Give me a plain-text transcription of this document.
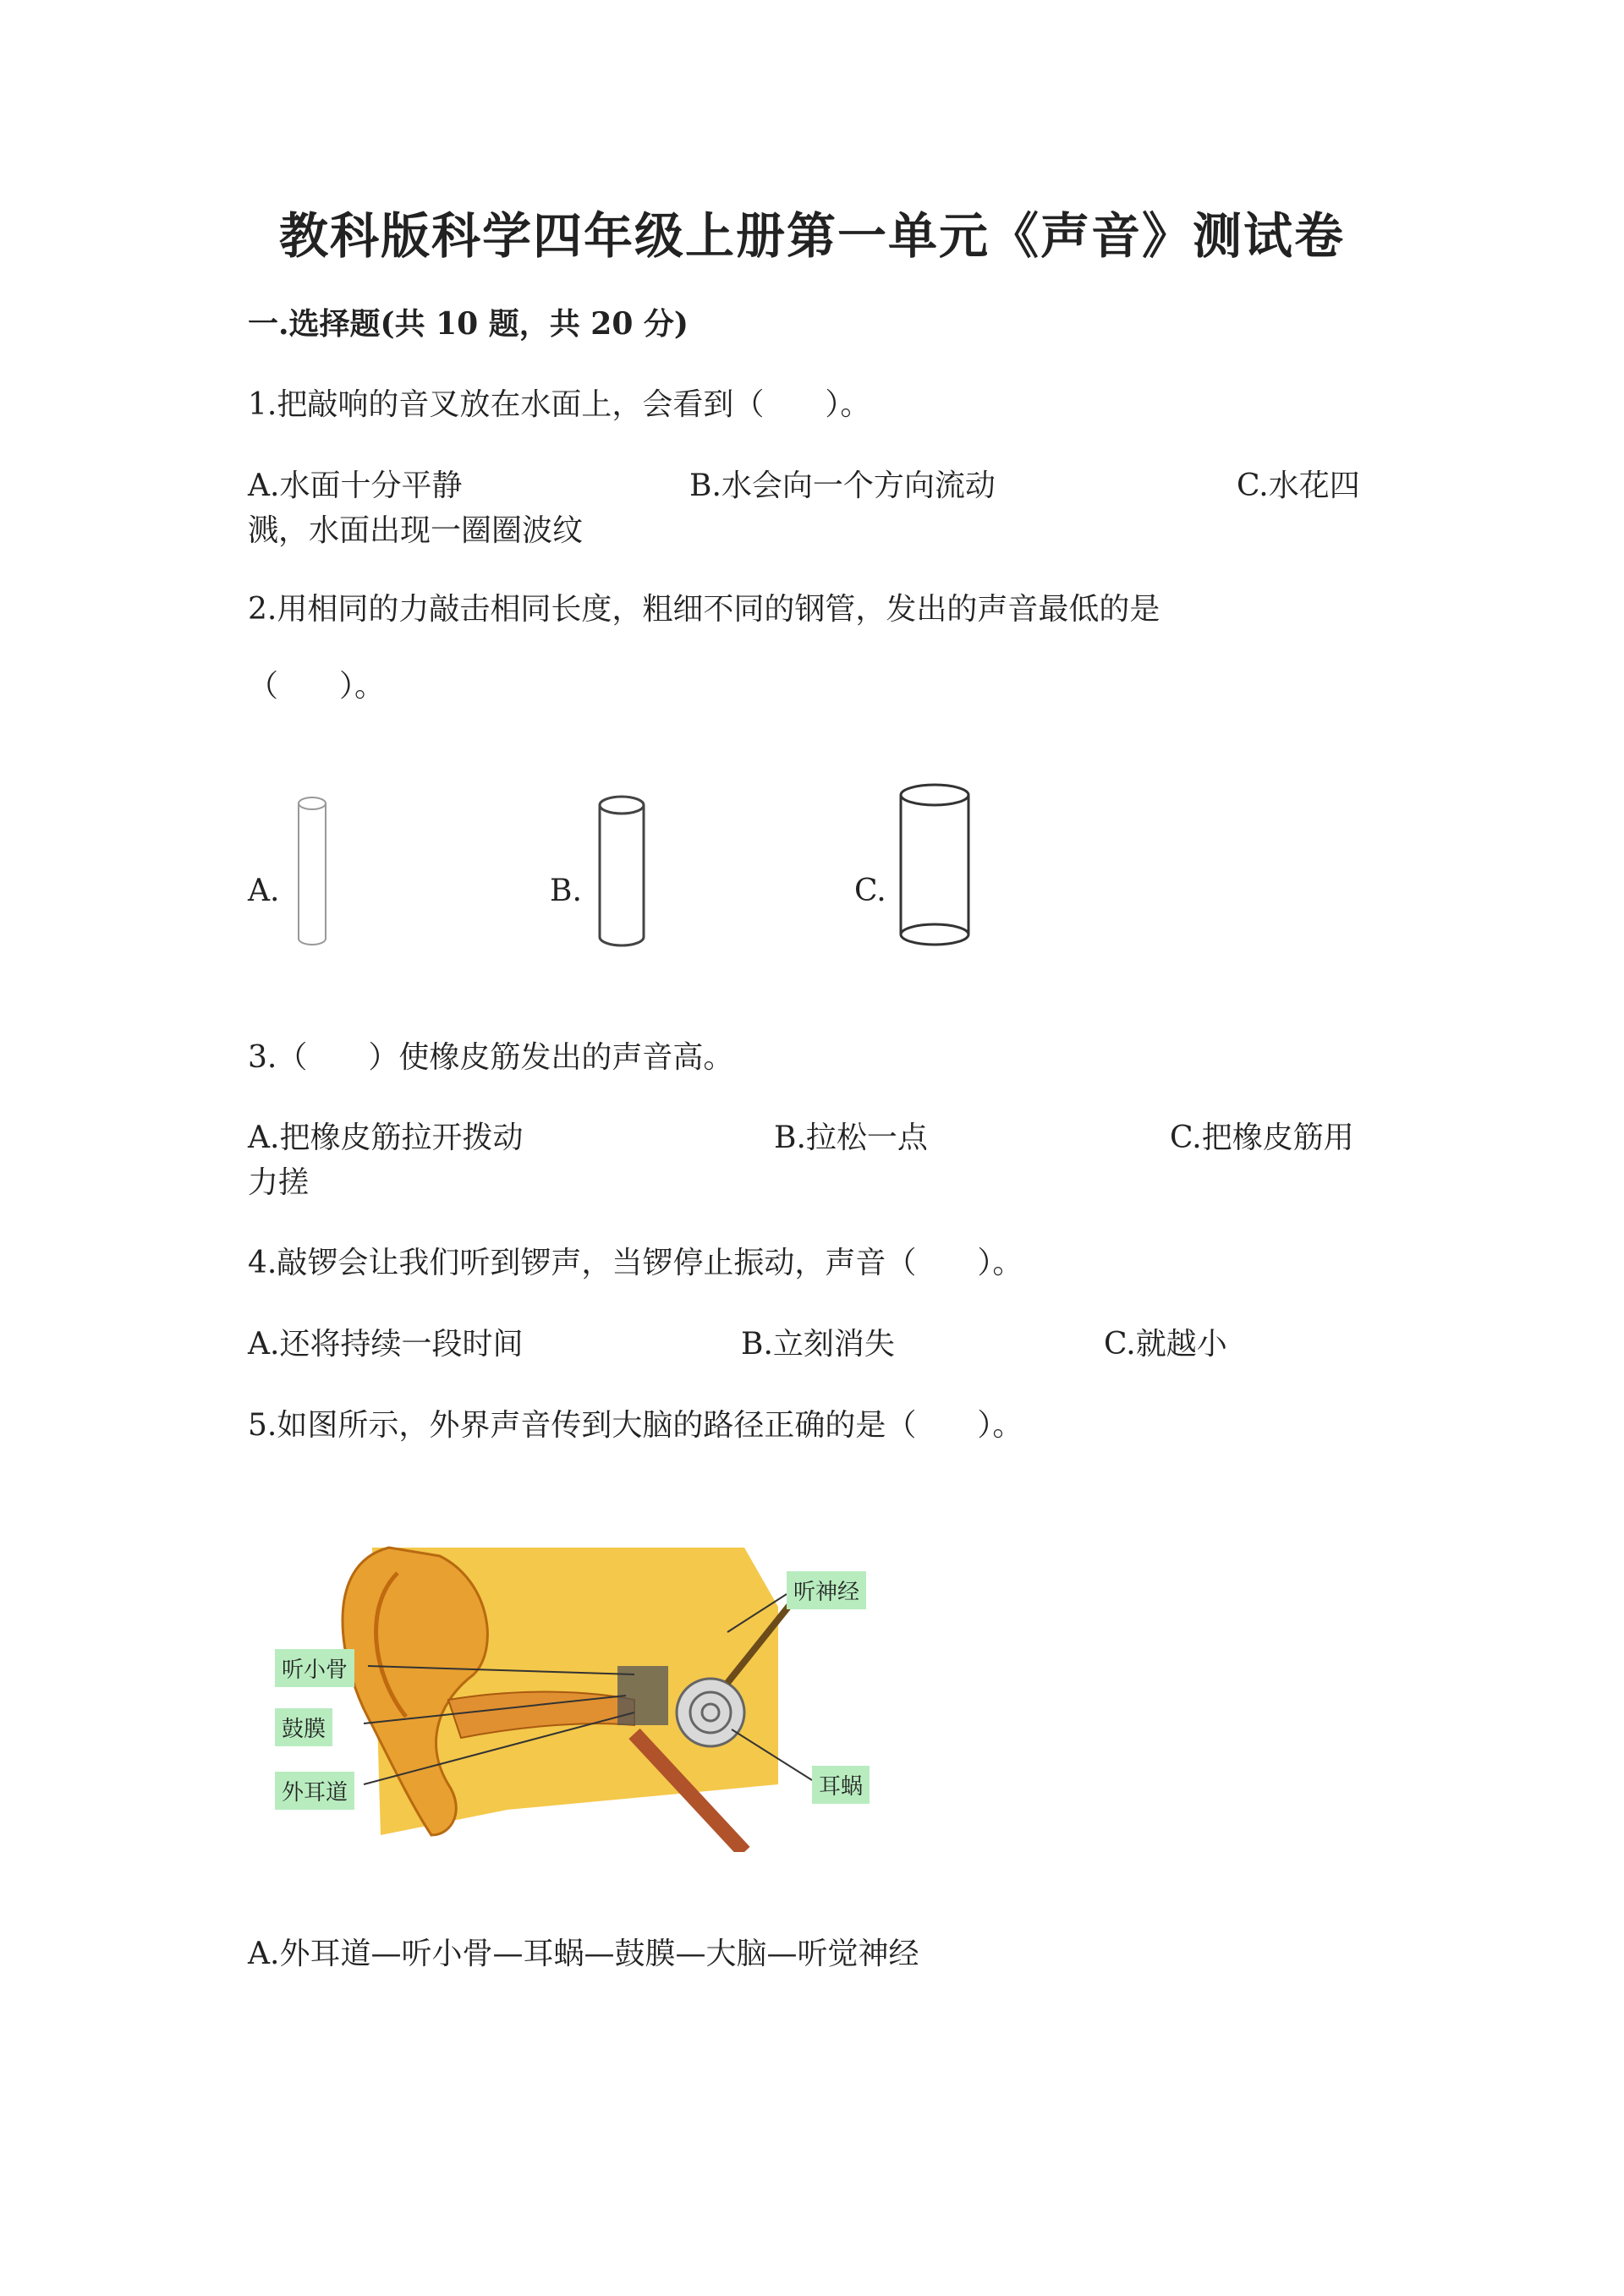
教科版科学四年级上册第一单元《声音》测试卷
一.选择题(共 10 题，共 20 分)
1.把敲响的音叉放在水面上，会看到（　　）。
A.水面十分平静	B.水会向一个方向流动	C.水花四
溅，水面出现一圈圈波纹
2.用相同的力敲击相同长度，粗细不同的钢管，发出的声音最低的是
（　　）。
A.	B.	C.
3.（　　）使橡皮筋发出的声音高。
A.把橡皮筋拉开拨动	B.拉松一点	C.把橡皮筋用
力搓
4.敲锣会让我们听到锣声，当锣停止振动，声音（　　）。
A.还将持续一段时间	B.立刻消失	C.就越小
5.如图所示，外界声音传到大脑的路径正确的是（　　）。
听神经
听小骨
鼓膜
外耳道	耳蜗
A.外耳道—听小骨—耳蜗—鼓膜—大脑—听觉神经
